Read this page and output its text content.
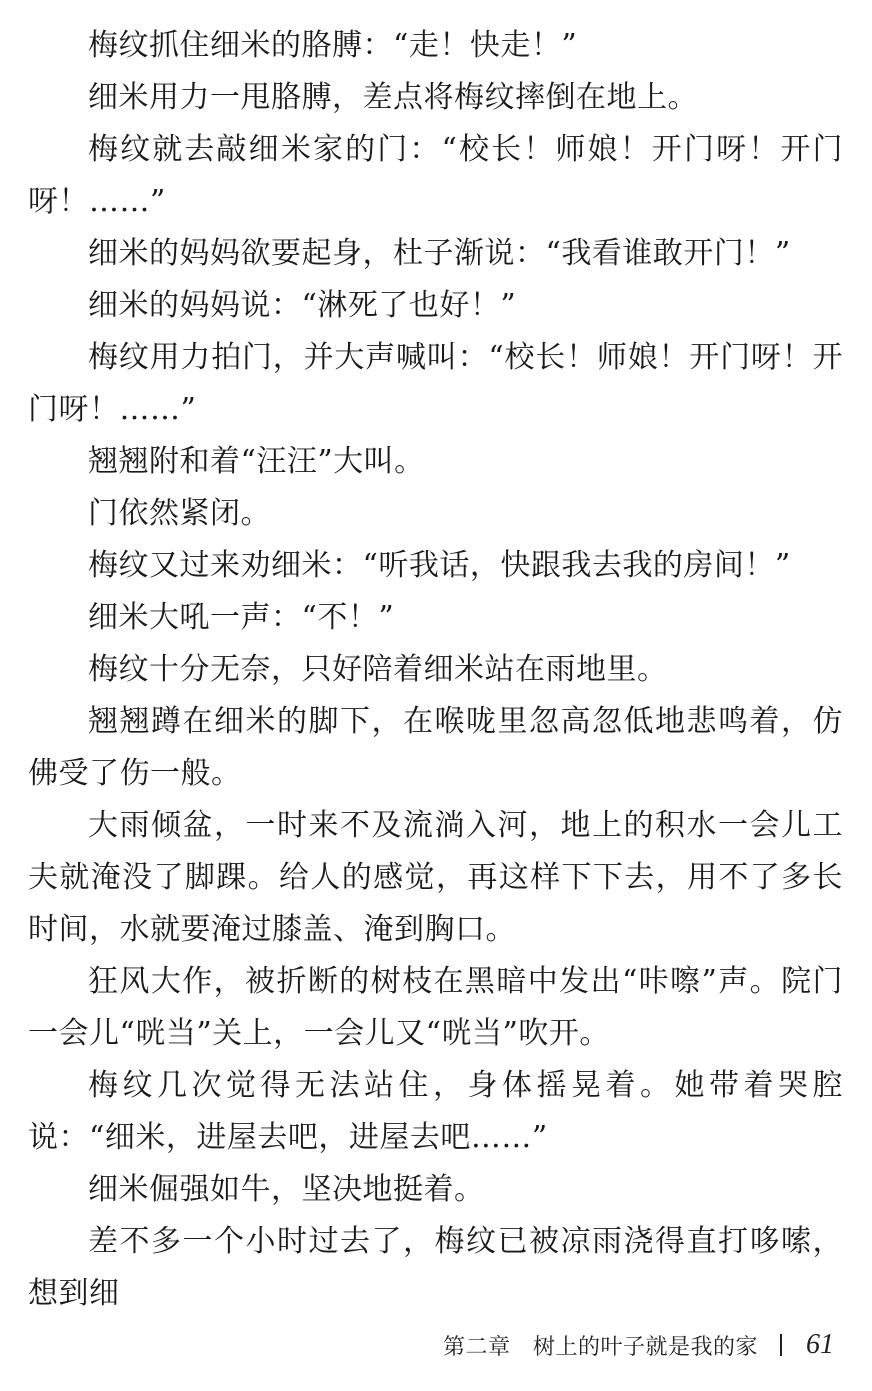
梅纹抓住细米的胳膊：“走！快走！”

细米用力一甩胳膊，差点将梅纹摔倒在地上。

梅纹就去敲细米家的门：“校长！师娘！开门呀！开门呀！……”

细米的妈妈欲要起身，杜子渐说：“我看谁敢开门！”

细米的妈妈说：“淋死了也好！”

梅纹用力拍门，并大声喊叫：“校长！师娘！开门呀！开门呀！……”

翘翘附和着“汪汪”大叫。

门依然紧闭。

梅纹又过来劝细米：“听我话，快跟我去我的房间！”

细米大吼一声：“不！”

梅纹十分无奈，只好陪着细米站在雨地里。

翘翘蹲在细米的脚下，在喉咙里忽高忽低地悲鸣着，仿佛受了伤一般。

大雨倾盆，一时来不及流淌入河，地上的积水一会儿工夫就淹没了脚踝。给人的感觉，再这样下下去，用不了多长时间，水就要淹过膝盖、淹到胸口。

狂风大作，被折断的树枝在黑暗中发出“咔嚓”声。院门一会儿“咣当”关上，一会儿又“咣当”吹开。

梅纹几次觉得无法站住，身体摇晃着。她带着哭腔说：“细米，进屋去吧，进屋去吧……”

细米倔强如牛，坚决地挺着。

差不多一个小时过去了，梅纹已被凉雨浇得直打哆嗦，想到细

第二章　树上的叶子就是我的家 61
